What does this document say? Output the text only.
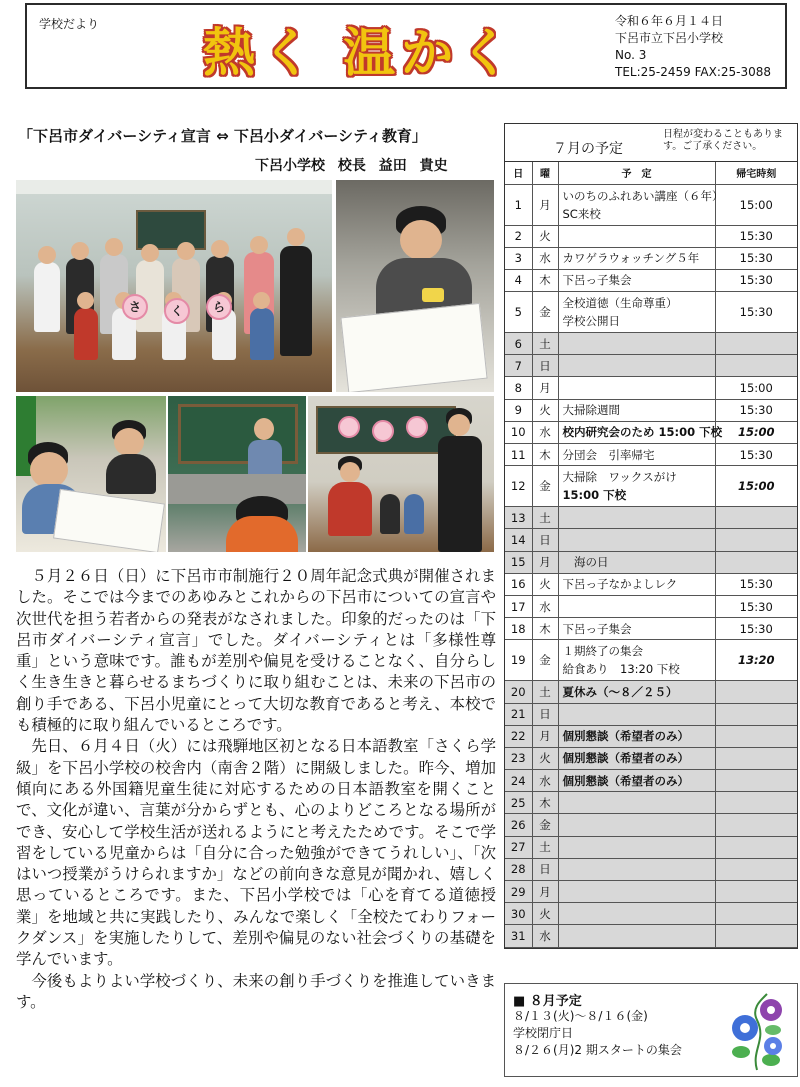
学校だより 熱く 温かく
令和６年６月１４日
下呂市立下呂小学校
No. 3
TEL:25-2459 FAX:25-3088
「下呂市ダイバーシティ宣言 ⇔ 下呂小ダイバーシティ教育」
下呂小学校 校長 益田 貴史
さ	く	ら

５月２６日（日）に下呂市市制施行２０周年記念式典が開催されました。そこでは今までのあゆみとこれからの下呂市についての宣言や次世代を担う若者からの発表がなされました。印象的だったのは「下呂市ダイバーシティ宣言」でした。ダイバーシティとは「多様性尊重」という意味です。誰もが差別や偏見を受けることなく、自分らしく生き生きと暮らせるまちづくりに取り組むことは、未来の下呂市の創り手である、下呂小児童にとって大切な教育であると考え、本校でも積極的に取り組んでいるところです。

先日、６月４日（火）には飛騨地区初となる日本語教室「さくら学級」を下呂小学校の校舎内（南舎２階）に開級しました。昨今、増加傾向にある外国籍児童生徒に対応するための日本語教室を開くことで、文化が違い、言葉が分からずとも、心のよりどころとなる場所ができ、安心して学校生活が送れるようにと考えたためです。そこで学習をしている児童からは「自分に合った勉強ができてうれしい」、「次はいつ授業がうけられますか」などの前向きな意見が聞かれ、嬉しく思っているところです。また、下呂小学校では「心を育てる道徳授業」を地域と共に実践したり、みんなで楽しく「全校たてわりフォークダンス」を実施したりして、差別や偏見のない社会づくりの基礎を学んでいます。

今後もよりよい学校づくり、未来の創り手づくりを推進していきます。

７月の予定
日程が変わることもあります。ご了承ください。
日	曜	予　定	帰宅時刻
1	月	いのちのふれあい講座（６年）
SC来校	15:00
2	火		15:30
3	水	カワゲラウォッチング５年	15:30
4	木	下呂っ子集会	15:30
5	金	全校道徳（生命尊重）
学校公開日	15:30
6	土	

7	日	

8	月		15:00
9	火	大掃除週間	15:30
10	水	校内研究会のため 15:00 下校	15:00
11	木	分団会　引率帰宅	15:30
12	金	大掃除　ワックスがけ
15:00 下校	15:00
13	土	

14	日	

15	月	　海の日	

16	火	下呂っ子なかよしレク	15:30
17	水		15:30
18	木	下呂っ子集会	15:30
19	金	１期終了の集会
給食あり　13:20 下校	13:20
20	土	夏休み（～８／２５）	

21	日	

22	月	個別懇談（希望者のみ）	

23	火	個別懇談（希望者のみ）	

24	水	個別懇談（希望者のみ）	

25	木	

26	金	

27	土	

28	日	

29	月	

30	火	

31	水	

■ ８月予定
８/１３(火)～８/１６(金)
学校閉庁日
８/２６(月)2 期スタートの集会
